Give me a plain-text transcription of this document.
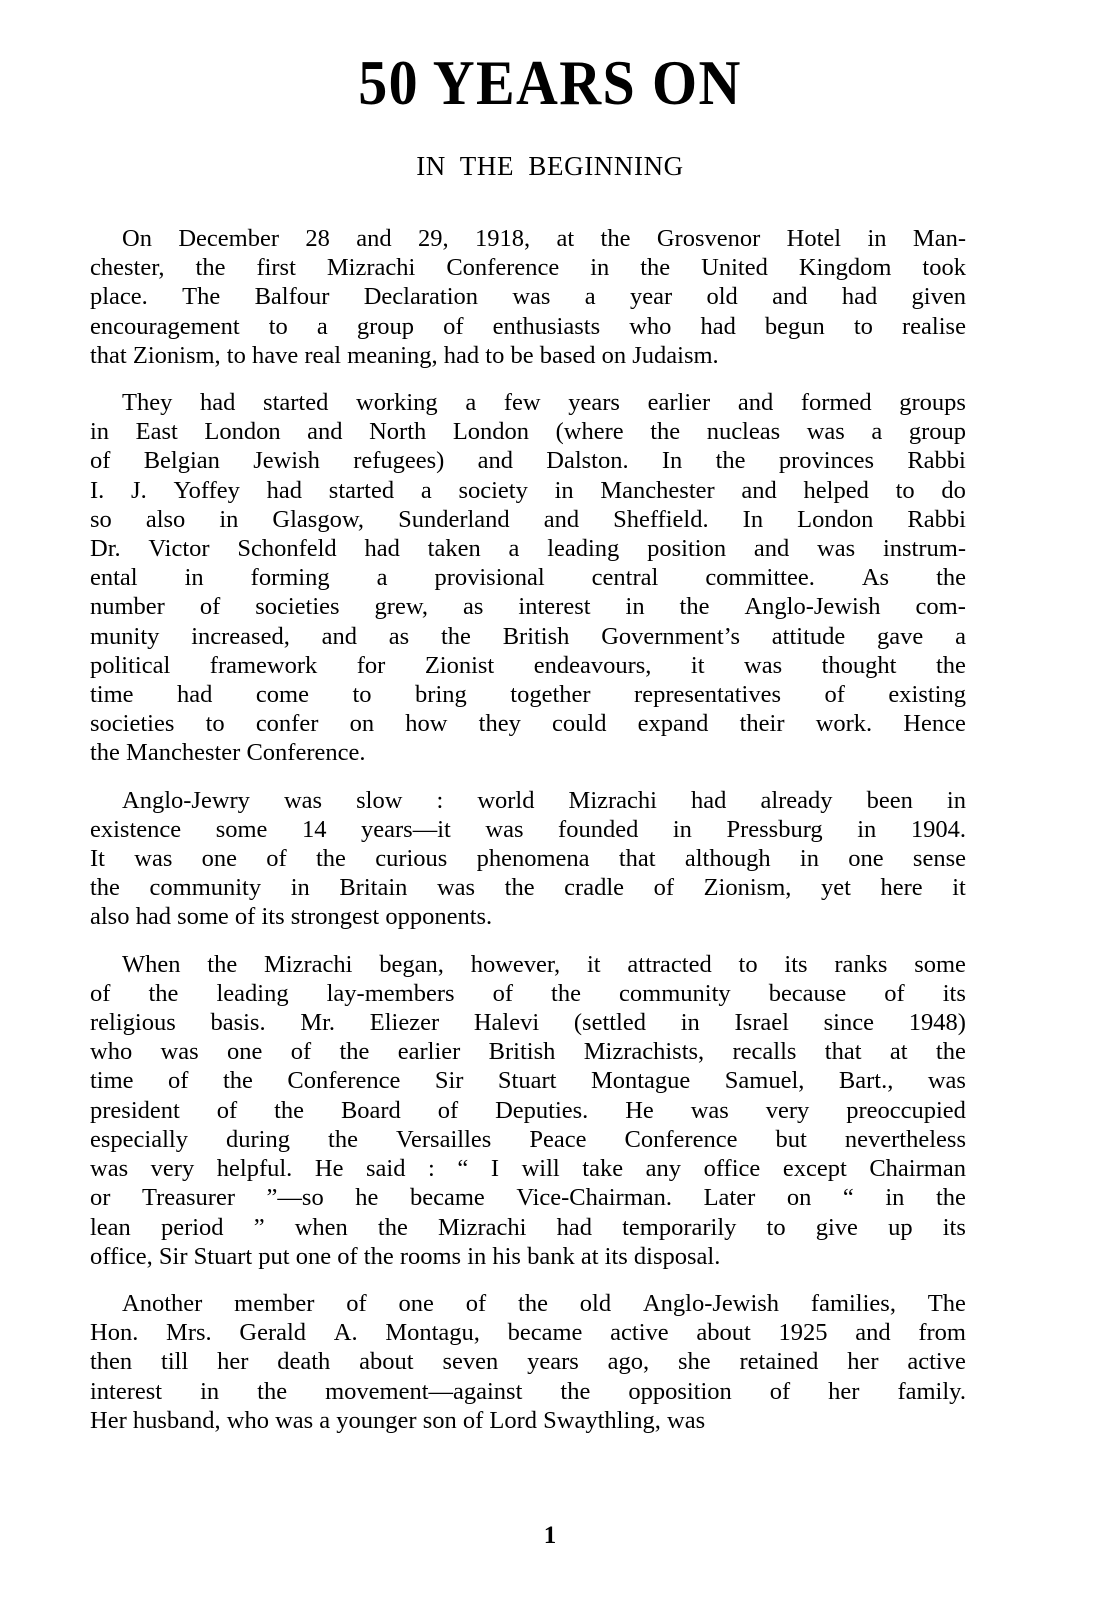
50 YEARS ON
IN THE BEGINNING

On December 28 and 29, 1918, at the Grosvenor Hotel in Man-
chester, the first Mizrachi Conference in the United Kingdom took
place. The Balfour Declaration was a year old and had given
encouragement to a group of enthusiasts who had begun to realise
that Zionism, to have real meaning, had to be based on Judaism.

They had started working a few years earlier and formed groups
in East London and North London (where the nucleas was a group
of Belgian Jewish refugees) and Dalston. In the provinces Rabbi
I. J. Yoffey had started a society in Manchester and helped to do
so also in Glasgow, Sunderland and Sheffield. In London Rabbi
Dr. Victor Schonfeld had taken a leading position and was instrum-
ental in forming a provisional central committee. As the
number of societies grew, as interest in the Anglo-Jewish com-
munity increased, and as the British Government’s attitude gave a
political framework for Zionist endeavours, it was thought the
time had come to bring together representatives of existing
societies to confer on how they could expand their work. Hence
the Manchester Conference.

Anglo-Jewry was slow : world Mizrachi had already been in
existence some 14 years—it was founded in Pressburg in 1904.
It was one of the curious phenomena that although in one sense
the community in Britain was the cradle of Zionism, yet here it
also had some of its strongest opponents.

When the Mizrachi began, however, it attracted to its ranks some
of the leading lay-members of the community because of its
religious basis. Mr. Eliezer Halevi (settled in Israel since 1948)
who was one of the earlier British Mizrachists, recalls that at the
time of the Conference Sir Stuart Montague Samuel, Bart., was
president of the Board of Deputies. He was very preoccupied
especially during the Versailles Peace Conference but nevertheless
was very helpful. He said : “ I will take any office except Chairman
or Treasurer ”—so he became Vice-Chairman. Later on “ in the
lean period ” when the Mizrachi had temporarily to give up its
office, Sir Stuart put one of the rooms in his bank at its disposal.

Another member of one of the old Anglo-Jewish families, The
Hon. Mrs. Gerald A. Montagu, became active about 1925 and from
then till her death about seven years ago, she retained her active
interest in the movement—against the opposition of her family.
Her husband, who was a younger son of Lord Swaythling, was

1
